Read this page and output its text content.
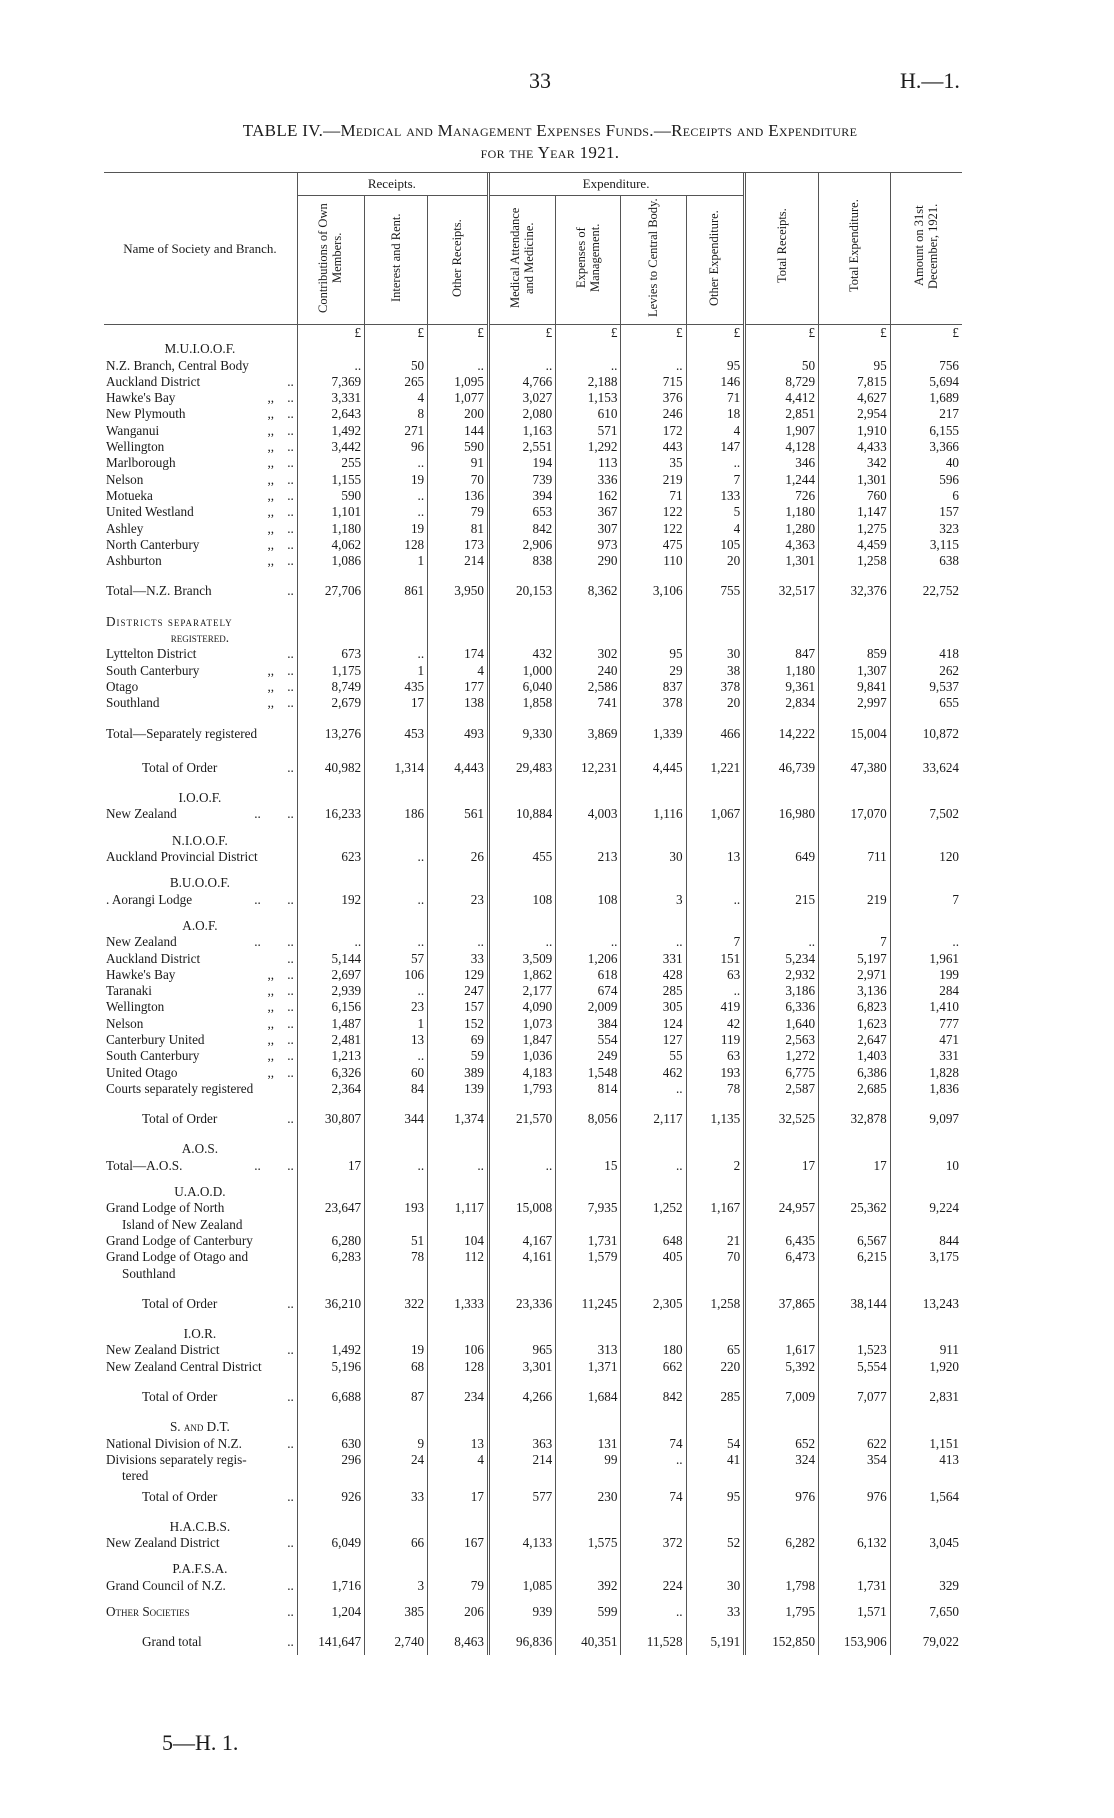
33	H.—1.
TABLE IV.—Medical and Management Expenses Funds.—Receipts and Expenditure
for the Year 1921.

Name of Society and Branch.	Receipts.			Expenditure.				Total Receipts.	Total Expenditure.	Amount on 31st December, 1921.
	Contributions of Own Members.	Interest and Rent.	Other Receipts.	Medical Attendance and Medicine.	Expenses of Management.	Levies to Central Body.	Other Expenditure.			
	£	£	£	£	£	£	£	£	£	£
M.U.I.O.O.F.										

N.Z. Branch, Central Body	..	50	..	..	..	..	95	50	95	756

Auckland District ..	7,369	265	1,095	4,766	2,188	715	146	8,729	7,815	5,694

Hawke's Bay ,,    ..	3,331	4	1,077	3,027	1,153	376	71	4,412	4,627	1,689

New Plymouth ,,    ..	2,643	8	200	2,080	610	246	18	2,851	2,954	217

Wanganui ,,    ..	1,492	271	144	1,163	571	172	4	1,907	1,910	6,155

Wellington ,,    ..	3,442	96	590	2,551	1,292	443	147	4,128	4,433	3,366

Marlborough ,,    ..	255	..	91	194	113	35	..	346	342	40

Nelson ,,    ..	1,155	19	70	739	336	219	7	1,244	1,301	596

Motueka ,,    ..	590	..	136	394	162	71	133	726	760	6

United Westland ,,    ..	1,101	..	79	653	367	122	5	1,180	1,147	157

Ashley ,,    ..	1,180	19	81	842	307	122	4	1,280	1,275	323

North Canterbury ,,    ..	4,062	128	173	2,906	973	475	105	4,363	4,459	3,115

Ashburton ,,    ..	1,086	1	214	838	290	110	20	1,301	1,258	638

Total—N.Z. Branch ..	27,706	861	3,950	20,153	8,362	3,106	755	32,517	32,376	22,752

Districts separately										
registered.										

Lyttelton District ..	673	..	174	432	302	95	30	847	859	418

South Canterbury ,,    ..	1,175	1	4	1,000	240	29	38	1,180	1,307	262

Otago ,,    ..	8,749	435	177	6,040	2,586	837	378	9,361	9,841	9,537

Southland ,,    ..	2,679	17	138	1,858	741	378	20	2,834	2,997	655

Total—Separately registered	13,276	453	493	9,330	3,869	1,339	466	14,222	15,004	10,872

Total of Order ..	40,982	1,314	4,443	29,483	12,231	4,445	1,221	46,739	47,380	33,624

I.O.O.F.										

New Zealand ..        ..	16,233	186	561	10,884	4,003	1,116	1,067	16,980	17,070	7,502

N.I.O.O.F.										

Auckland Provincial District	623	..	26	455	213	30	13	649	711	120

B.U.O.O.F.										

. Aorangi Lodge ..        ..	192	..	23	108	108	3	..	215	219	7

A.O.F.										

New Zealand ..        ..	..	..	..	..	..	..	7	..	7	..

Auckland District ..	5,144	57	33	3,509	1,206	331	151	5,234	5,197	1,961

Hawke's Bay ,,    ..	2,697	106	129	1,862	618	428	63	2,932	2,971	199

Taranaki ,,    ..	2,939	..	247	2,177	674	285	..	3,186	3,136	284

Wellington ,,    ..	6,156	23	157	4,090	2,009	305	419	6,336	6,823	1,410

Nelson ,,    ..	1,487	1	152	1,073	384	124	42	1,640	1,623	777

Canterbury United ,,    ..	2,481	13	69	1,847	554	127	119	2,563	2,647	471

South Canterbury ,,    ..	1,213	..	59	1,036	249	55	63	1,272	1,403	331

United Otago ,,    ..	6,326	60	389	4,183	1,548	462	193	6,775	6,386	1,828

Courts separately registered	2,364	84	139	1,793	814	..	78	2,587	2,685	1,836

Total of Order ..	30,807	344	1,374	21,570	8,056	2,117	1,135	32,525	32,878	9,097

A.O.S.										

Total—A.O.S. ..        ..	17	..	..	..	15	..	2	17	17	10

U.A.O.D.										

Grand Lodge of North	23,647	193	1,117	15,008	7,935	1,252	1,167	24,957	25,362	9,224

Island of New Zealand										

Grand Lodge of Canterbury	6,280	51	104	4,167	1,731	648	21	6,435	6,567	844

Grand Lodge of Otago and	6,283	78	112	4,161	1,579	405	70	6,473	6,215	3,175

Southland										

Total of Order ..	36,210	322	1,333	23,336	11,245	2,305	1,258	37,865	38,144	13,243

I.O.R.										

New Zealand District ..	1,492	19	106	965	313	180	65	1,617	1,523	911

New Zealand Central District	5,196	68	128	3,301	1,371	662	220	5,392	5,554	1,920

Total of Order ..	6,688	87	234	4,266	1,684	842	285	7,009	7,077	2,831

S. and D.T.										

National Division of N.Z. ..	630	9	13	363	131	74	54	652	622	1,151

Divisions separately regis-	296	24	4	214	99	..	41	324	354	413

tered										

Total of Order ..	926	33	17	577	230	74	95	976	976	1,564

H.A.C.B.S.										

New Zealand District ..	6,049	66	167	4,133	1,575	372	52	6,282	6,132	3,045

P.A.F.S.A.										

Grand Council of N.Z. ..	1,716	3	79	1,085	392	224	30	1,798	1,731	329

Other Societies ..	1,204	385	206	939	599	..	33	1,795	1,571	7,650

Grand total ..	141,647	2,740	8,463	96,836	40,351	11,528	5,191	152,850	153,906	79,022
5—H. 1.
